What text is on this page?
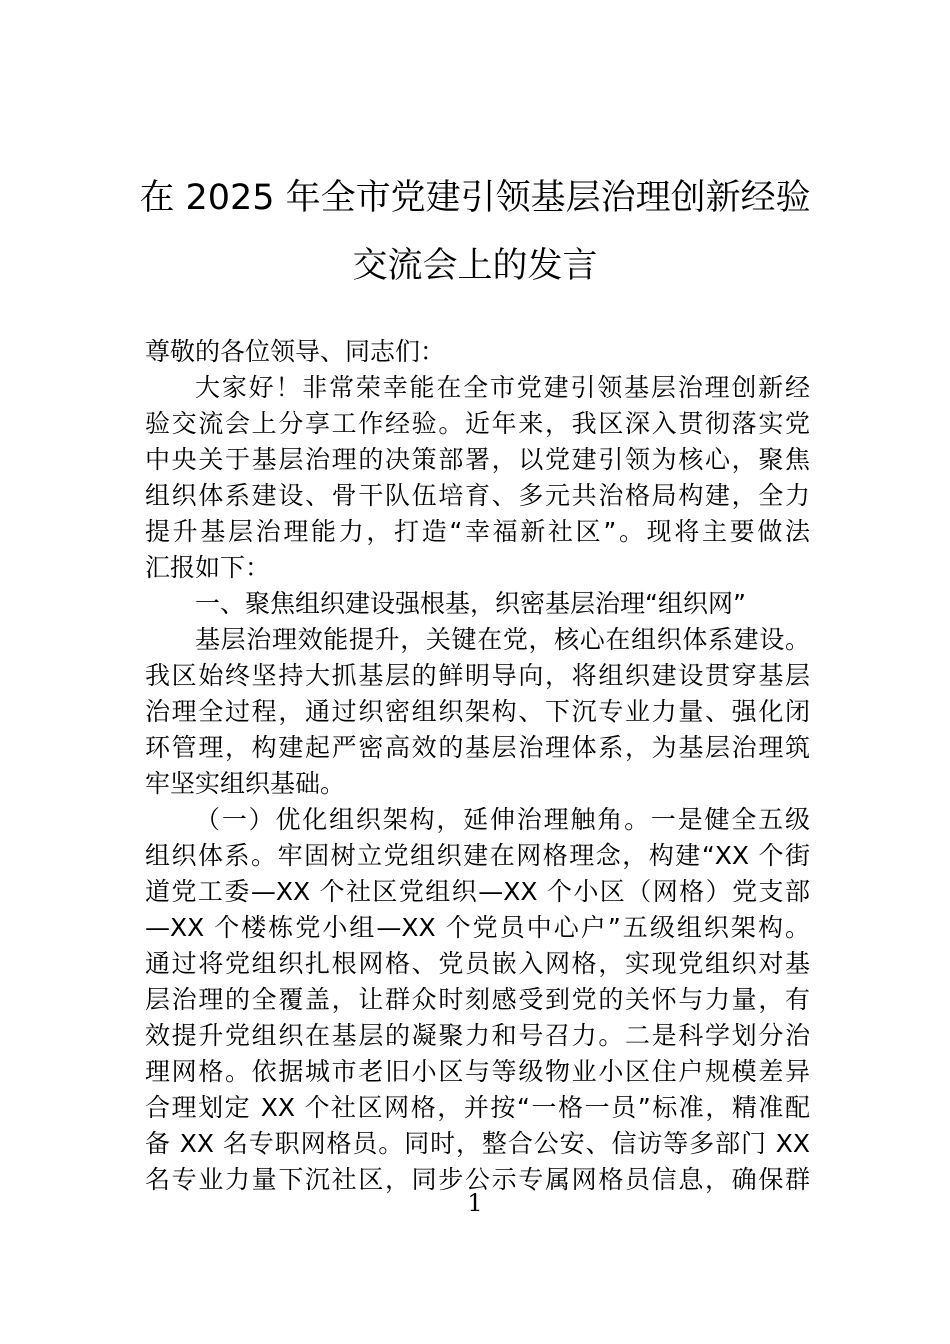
在 2025 年全市党建引领基层治理创新经验
交流会上的发言
尊敬的各位领导、同志们：
大家好！非常荣幸能在全市党建引领基层治理创新经
验交流会上分享工作经验。近年来，我区深入贯彻落实党
中央关于基层治理的决策部署，以党建引领为核心，聚焦
组织体系建设、骨干队伍培育、多元共治格局构建，全力
提升基层治理能力，打造“幸福新社区”。现将主要做法
汇报如下：
一、聚焦组织建设强根基，织密基层治理“组织网”
基层治理效能提升，关键在党，核心在组织体系建设。
我区始终坚持大抓基层的鲜明导向，将组织建设贯穿基层
治理全过程，通过织密组织架构、下沉专业力量、强化闭
环管理，构建起严密高效的基层治理体系，为基层治理筑
牢坚实组织基础。
（一）优化组织架构，延伸治理触角。一是健全五级
组织体系。牢固树立党组织建在网格理念，构建“XX 个街
道党工委—XX 个社区党组织—XX 个小区（网格）党支部
—XX 个楼栋党小组—XX 个党员中心户”五级组织架构。
通过将党组织扎根网格、党员嵌入网格，实现党组织对基
层治理的全覆盖，让群众时刻感受到党的关怀与力量，有
效提升党组织在基层的凝聚力和号召力。二是科学划分治
理网格。依据城市老旧小区与等级物业小区住户规模差异
合理划定 XX 个社区网格，并按“一格一员”标准，精准配
备 XX 名专职网格员。同时，整合公安、信访等多部门 XX
名专业力量下沉社区，同步公示专属网格员信息，确保群
1
